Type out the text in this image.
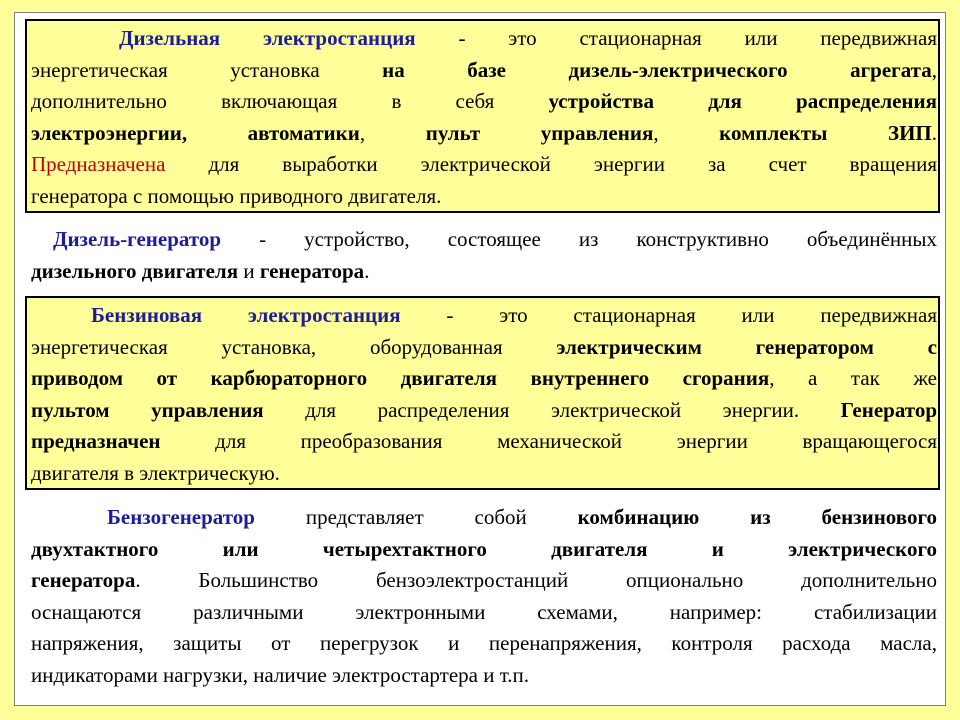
Дизельная электростанция - это стационарная или передвижная
энергетическая установка на базе дизель-электрического агрегата,
дополнительно включающая в себя устройства для распределения
электроэнергии, автоматики, пульт управления, комплекты ЗИП.
Предназначена для выработки электрической энергии за счет вращения
генератора с помощью приводного двигателя.
Дизель-генератор - устройство, состоящее из конструктивно объединённых
дизельного двигателя и генератора.
Бензиновая электростанция - это стационарная или передвижная
энергетическая установка, оборудованная электрическим генератором с
приводом от карбюраторного двигателя внутреннего сгорания, а так же
пультом управления для распределения электрической энергии. Генератор
предназначен для преобразования механической энергии вращающегося
двигателя в электрическую.
Бензогенератор представляет собой комбинацию из бензинового
двухтактного или четырехтактного двигателя и электрического
генератора. Большинство бензоэлектростанций опционально дополнительно
оснащаются различными электронными схемами, например: стабилизации
напряжения, защиты от перегрузок и перенапряжения, контроля расхода масла,
индикаторами нагрузки, наличие электростартера и т.п.
